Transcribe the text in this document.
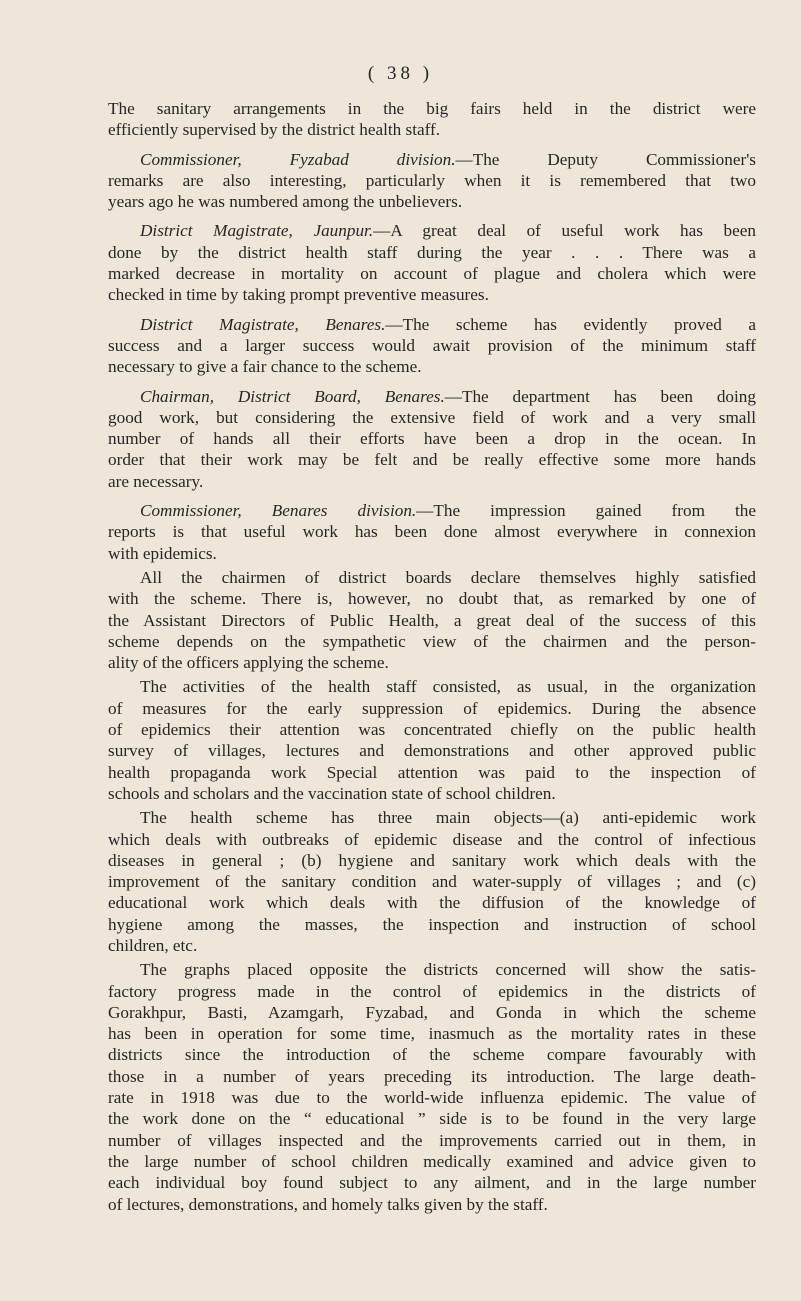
( 38 )
The sanitary arrangements in the big fairs held in the district were
efficiently supervised by the district health staff.
Commissioner, Fyzabad division.—The Deputy Commissioner's
remarks are also interesting, particularly when it is remembered that two
years ago he was numbered among the unbelievers.
District Magistrate, Jaunpur.—A great deal of useful work has been
done by the district health staff during the year . . . There was a
marked decrease in mortality on account of plague and cholera which were
checked in time by taking prompt preventive measures.
District Magistrate, Benares.—The scheme has evidently proved a
success and a larger success would await provision of the minimum staff
necessary to give a fair chance to the scheme.
Chairman, District Board, Benares.—The department has been doing
good work, but considering the extensive field of work and a very small
number of hands all their efforts have been a drop in the ocean. In
order that their work may be felt and be really effective some more hands
are necessary.
Commissioner, Benares division.—The impression gained from the
reports is that useful work has been done almost everywhere in connexion
with epidemics.
All the chairmen of district boards declare themselves highly satisfied
with the scheme. There is, however, no doubt that, as remarked by one of
the Assistant Directors of Public Health, a great deal of the success of this
scheme depends on the sympathetic view of the chairmen and the person-
ality of the officers applying the scheme.
The activities of the health staff consisted, as usual, in the organization
of measures for the early suppression of epidemics. During the absence
of epidemics their attention was concentrated chiefly on the public health
survey of villages, lectures and demonstrations and other approved public
health propaganda work Special attention was paid to the inspection of
schools and scholars and the vaccination state of school children.
The health scheme has three main objects—(a) anti-epidemic work
which deals with outbreaks of epidemic disease and the control of infectious
diseases in general ; (b) hygiene and sanitary work which deals with the
improvement of the sanitary condition and water-supply of villages ; and (c)
educational work which deals with the diffusion of the knowledge of
hygiene among the masses, the inspection and instruction of school
children, etc.
The graphs placed opposite the districts concerned will show the satis-
factory progress made in the control of epidemics in the districts of
Gorakhpur, Basti, Azamgarh, Fyzabad, and Gonda in which the scheme
has been in operation for some time, inasmuch as the mortality rates in these
districts since the introduction of the scheme compare favourably with
those in a number of years preceding its introduction. The large death-
rate in 1918 was due to the world-wide influenza epidemic. The value of
the work done on the “ educational ” side is to be found in the very large
number of villages inspected and the improvements carried out in them, in
the large number of school children medically examined and advice given to
each individual boy found subject to any ailment, and in the large number
of lectures, demonstrations, and homely talks given by the staff.
